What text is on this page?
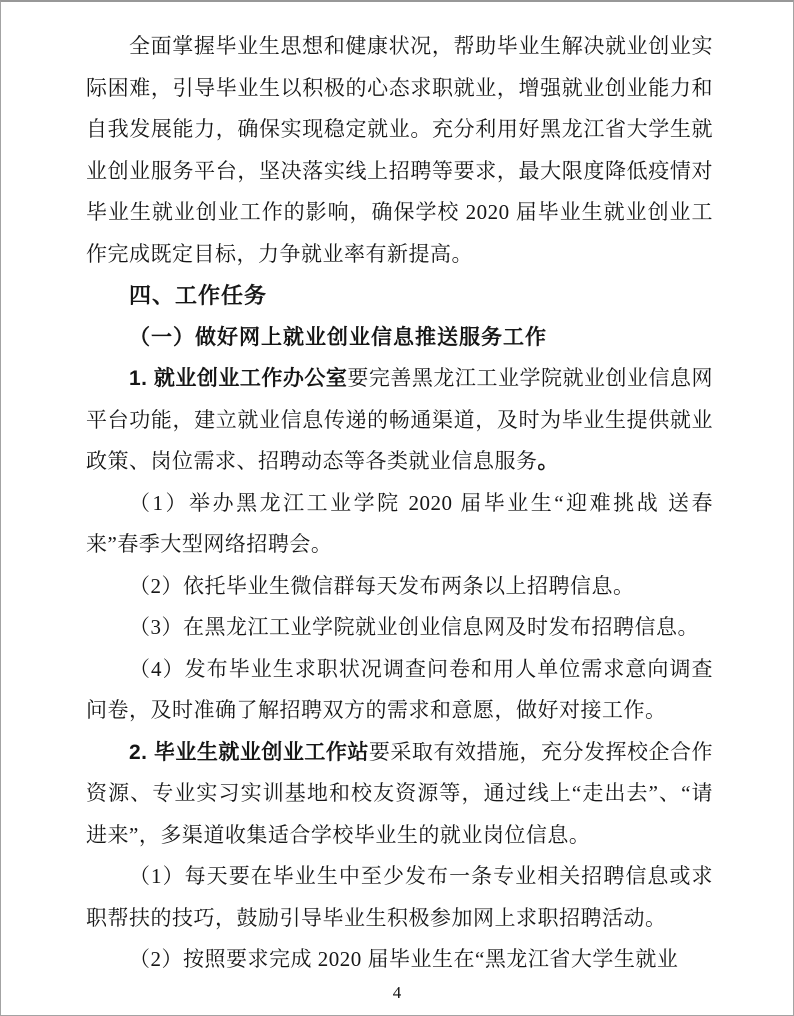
全面掌握毕业生思想和健康状况，帮助毕业生解决就业创业实际困难，引导毕业生以积极的心态求职就业，增强就业创业能力和自我发展能力，确保实现稳定就业。充分利用好黑龙江省大学生就业创业服务平台，坚决落实线上招聘等要求，最大限度降低疫情对毕业生就业创业工作的影响，确保学校 2020 届毕业生就业创业工作完成既定目标，力争就业率有新提高。

四、工作任务

（一）做好网上就业创业信息推送服务工作

1. 就业创业工作办公室要完善黑龙江工业学院就业创业信息网平台功能，建立就业信息传递的畅通渠道，及时为毕业生提供就业政策、岗位需求、招聘动态等各类就业信息服务。

（1）举办黑龙江工业学院 2020 届毕业生“迎难挑战 送春来”春季大型网络招聘会。

（2）依托毕业生微信群每天发布两条以上招聘信息。

（3）在黑龙江工业学院就业创业信息网及时发布招聘信息。

（4）发布毕业生求职状况调查问卷和用人单位需求意向调查问卷，及时准确了解招聘双方的需求和意愿，做好对接工作。

2. 毕业生就业创业工作站要采取有效措施，充分发挥校企合作资源、专业实习实训基地和校友资源等，通过线上“走出去”、“请进来”，多渠道收集适合学校毕业生的就业岗位信息。

（1）每天要在毕业生中至少发布一条专业相关招聘信息或求职帮扶的技巧，鼓励引导毕业生积极参加网上求职招聘活动。

（2）按照要求完成 2020 届毕业生在“黑龙江省大学生就业

4
